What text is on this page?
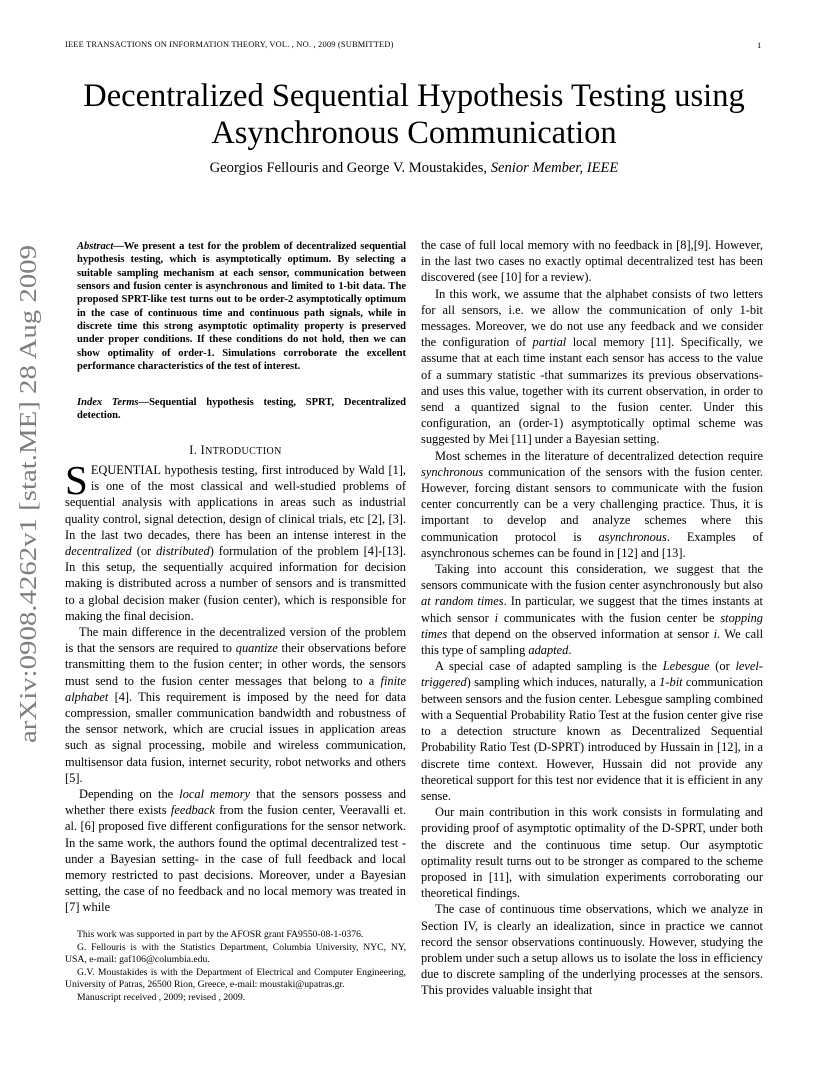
IEEE TRANSACTIONS ON INFORMATION THEORY, VOL. , NO. , 2009 (SUBMITTED)	1
Decentralized Sequential Hypothesis Testing using
Asynchronous Communication
Georgios Fellouris and George V. Moustakides, Senior Member, IEEE
arXiv:0908.4262v1 [stat.ME] 28 Aug 2009
Abstract—We present a test for the problem of decentralized sequential hypothesis testing, which is asymptotically optimum. By selecting a suitable sampling mechanism at each sensor, communication between sensors and fusion center is asynchronous and limited to 1-bit data. The proposed SPRT-like test turns out to be order-2 asymptotically optimum in the case of continuous time and continuous path signals, while in discrete time this strong asymptotic optimality property is preserved under proper conditions. If these conditions do not hold, then we can show optimality of order-1. Simulations corroborate the excellent performance characteristics of the test of interest.
Index Terms—Sequential hypothesis testing, SPRT, Decentralized detection.
I. INTRODUCTION

SEQUENTIAL hypothesis testing, first introduced by Wald [1], is one of the most classical and well-studied problems of sequential analysis with applications in areas such as industrial quality control, signal detection, design of clinical trials, etc [2], [3]. In the last two decades, there has been an intense interest in the decentralized (or distributed) formulation of the problem [4]-[13]. In this setup, the sequentially acquired information for decision making is distributed across a number of sensors and is transmitted to a global decision maker (fusion center), which is responsible for making the final decision.

The main difference in the decentralized version of the problem is that the sensors are required to quantize their observations before transmitting them to the fusion center; in other words, the sensors must send to the fusion center messages that belong to a finite alphabet [4]. This requirement is imposed by the need for data compression, smaller communication bandwidth and robustness of the sensor network, which are crucial issues in application areas such as signal processing, mobile and wireless communication, multisensor data fusion, internet security, robot networks and others [5].

Depending on the local memory that the sensors possess and whether there exists feedback from the fusion center, Veeravalli et. al. [6] proposed five different configurations for the sensor network. In the same work, the authors found the optimal decentralized test -under a Bayesian setting- in the case of full feedback and local memory restricted to past decisions. Moreover, under a Bayesian setting, the case of no feedback and no local memory was treated in [7] while

This work was supported in part by the AFOSR grant FA9550-08-1-0376.

G. Fellouris is with the Statistics Department, Columbia University, NYC, NY, USA, e-mail: gaf106@columbia.edu.

G.V. Moustakides is with the Department of Electrical and Computer Engineering, University of Patras, 26500 Rion, Greece, e-mail: moustaki@upatras.gr.

Manuscript received , 2009; revised , 2009.

the case of full local memory with no feedback in [8],[9]. However, in the last two cases no exactly optimal decentralized test has been discovered (see [10] for a review).

In this work, we assume that the alphabet consists of two letters for all sensors, i.e. we allow the communication of only 1-bit messages. Moreover, we do not use any feedback and we consider the configuration of partial local memory [11]. Specifically, we assume that at each time instant each sensor has access to the value of a summary statistic -that summarizes its previous observations- and uses this value, together with its current observation, in order to send a quantized signal to the fusion center. Under this configuration, an (order-1) asymptotically optimal scheme was suggested by Mei [11] under a Bayesian setting.

Most schemes in the literature of decentralized detection require synchronous communication of the sensors with the fusion center. However, forcing distant sensors to communicate with the fusion center concurrently can be a very challenging practice. Thus, it is important to develop and analyze schemes where this communication protocol is asynchronous. Examples of asynchronous schemes can be found in [12] and [13].

Taking into account this consideration, we suggest that the sensors communicate with the fusion center asynchronously but also at random times. In particular, we suggest that the times instants at which sensor i communicates with the fusion center be stopping times that depend on the observed information at sensor i. We call this type of sampling adapted.

A special case of adapted sampling is the Lebesgue (or level-triggered) sampling which induces, naturally, a 1-bit communication between sensors and the fusion center. Lebesgue sampling combined with a Sequential Probability Ratio Test at the fusion center give rise to a detection structure known as Decentralized Sequential Probability Ratio Test (D-SPRT) introduced by Hussain in [12], in a discrete time context. However, Hussain did not provide any theoretical support for this test nor evidence that it is efficient in any sense.

Our main contribution in this work consists in formulating and providing proof of asymptotic optimality of the D-SPRT, under both the discrete and the continuous time setup. Our asymptotic optimality result turns out to be stronger as compared to the scheme proposed in [11], with simulation experiments corroborating our theoretical findings.

The case of continuous time observations, which we analyze in Section IV, is clearly an idealization, since in practice we cannot record the sensor observations continuously. However, studying the problem under such a setup allows us to isolate the loss in efficiency due to discrete sampling of the underlying processes at the sensors. This provides valuable insight that
